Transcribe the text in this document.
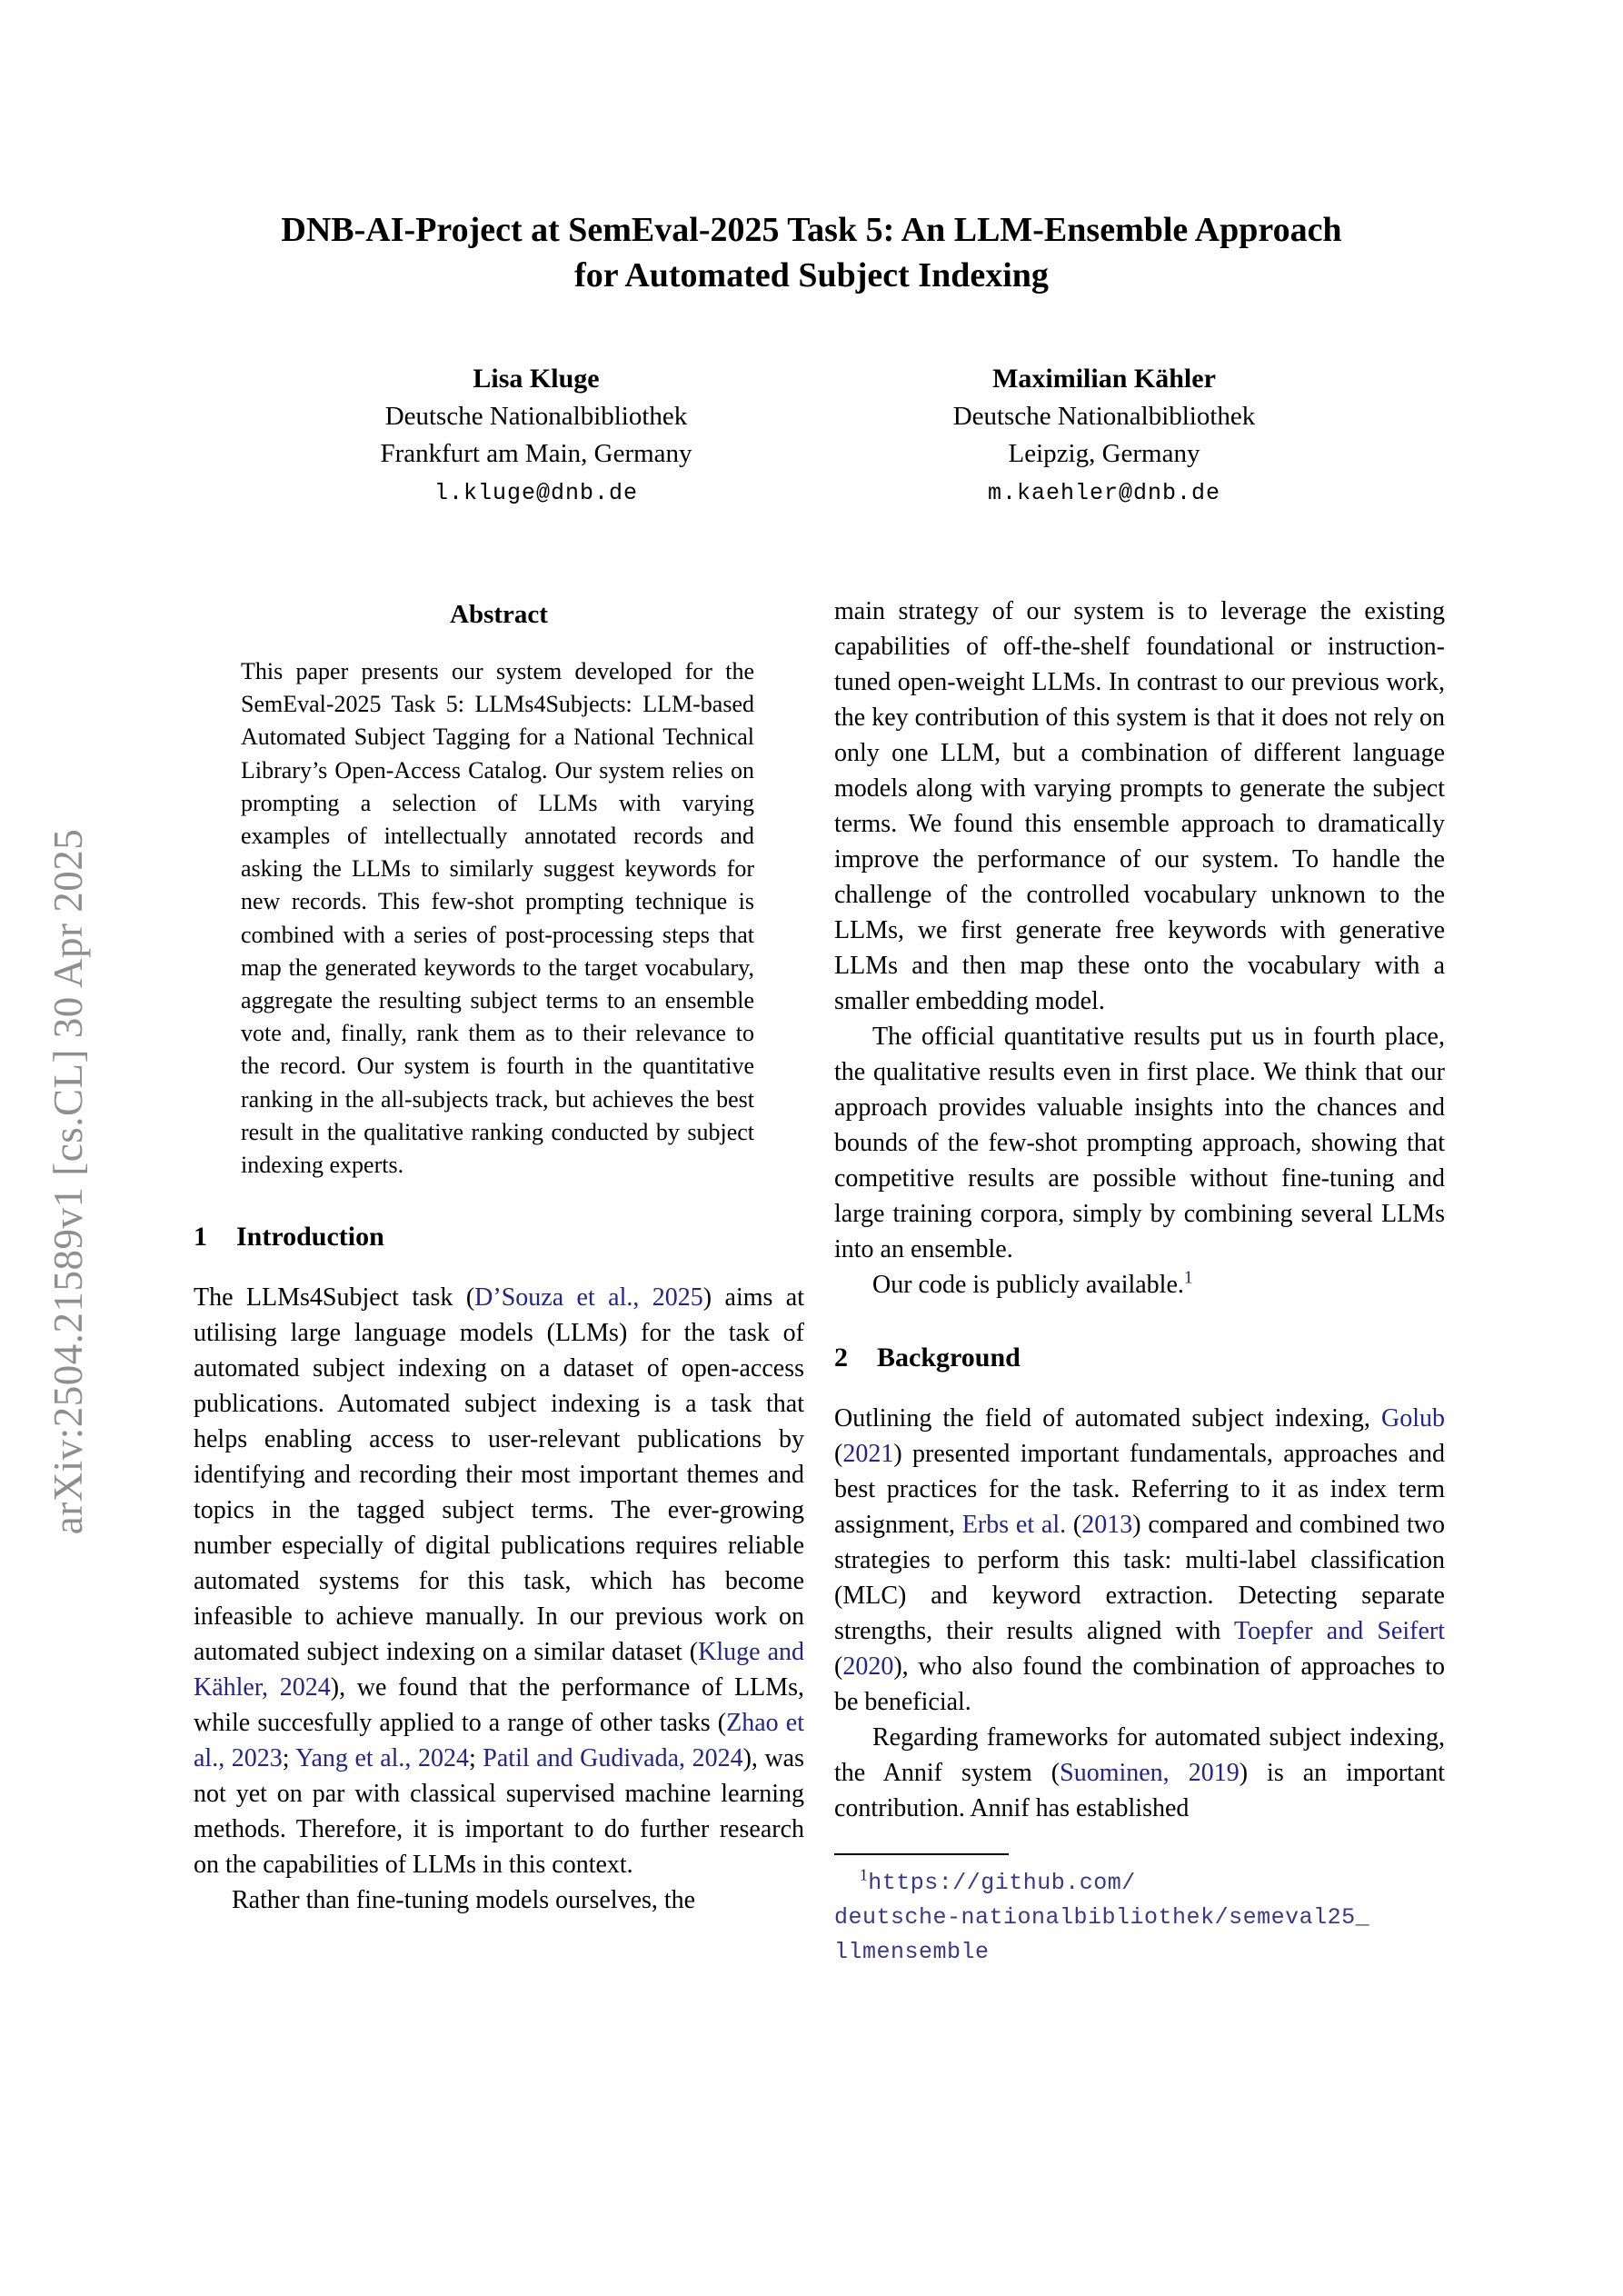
arXiv:2504.21589v1 [cs.CL] 30 Apr 2025
DNB-AI-Project at SemEval-2025 Task 5: An LLM-Ensemble Approach
for Automated Subject Indexing
Lisa Kluge
Deutsche Nationalbibliothek
Frankfurt am Main, Germany
l.kluge@dnb.de
Maximilian Kähler
Deutsche Nationalbibliothek
Leipzig, Germany
m.kaehler@dnb.de
Abstract
This paper presents our system developed for the SemEval-2025 Task 5: LLMs4Subjects: LLM-based Automated Subject Tagging for a National Technical Library’s Open-Access Catalog. Our system relies on prompting a selection of LLMs with varying examples of intellectually annotated records and asking the LLMs to similarly suggest keywords for new records. This few-shot prompting technique is combined with a series of post-processing steps that map the generated keywords to the target vocabulary, aggregate the resulting subject terms to an ensemble vote and, finally, rank them as to their relevance to the record. Our system is fourth in the quantitative ranking in the all-subjects track, but achieves the best result in the qualitative ranking conducted by subject indexing experts.
1 Introduction

The LLMs4Subject task (D’Souza et al., 2025) aims at utilising large language models (LLMs) for the task of automated subject indexing on a dataset of open-access publications. Automated subject indexing is a task that helps enabling access to user-relevant publications by identifying and recording their most important themes and topics in the tagged subject terms. The ever-growing number especially of digital publications requires reliable automated systems for this task, which has become infeasible to achieve manually. In our previous work on automated subject indexing on a similar dataset (Kluge and Kähler, 2024), we found that the performance of LLMs, while succesfully applied to a range of other tasks (Zhao et al., 2023; Yang et al., 2024; Patil and Gudivada, 2024), was not yet on par with classical supervised machine learning methods. Therefore, it is important to do further research on the capabilities of LLMs in this context.

Rather than fine-tuning models ourselves, the

main strategy of our system is to leverage the existing capabilities of off-the-shelf foundational or instruction-tuned open-weight LLMs. In contrast to our previous work, the key contribution of this system is that it does not rely on only one LLM, but a combination of different language models along with varying prompts to generate the subject terms. We found this ensemble approach to dramatically improve the performance of our system. To handle the challenge of the controlled vocabulary unknown to the LLMs, we first generate free keywords with generative LLMs and then map these onto the vocabulary with a smaller embedding model.

The official quantitative results put us in fourth place, the qualitative results even in first place. We think that our approach provides valuable insights into the chances and bounds of the few-shot prompting approach, showing that competitive results are possible without fine-tuning and large training corpora, simply by combining several LLMs into an ensemble.

Our code is publicly available.$^1$

2 Background

Outlining the field of automated subject indexing, Golub (2021) presented important fundamentals, approaches and best practices for the task. Referring to it as index term assignment, Erbs et al. (2013) compared and combined two strategies to perform this task: multi-label classification (MLC) and keyword extraction. Detecting separate strengths, their results aligned with Toepfer and Seifert (2020), who also found the combination of approaches to be beneficial.

Regarding frameworks for automated subject indexing, the Annif system (Suominen, 2019) is an important contribution. Annif has established

$^1$https://github.com/
deutsche-nationalbibliothek/semeval25_
llmensemble
